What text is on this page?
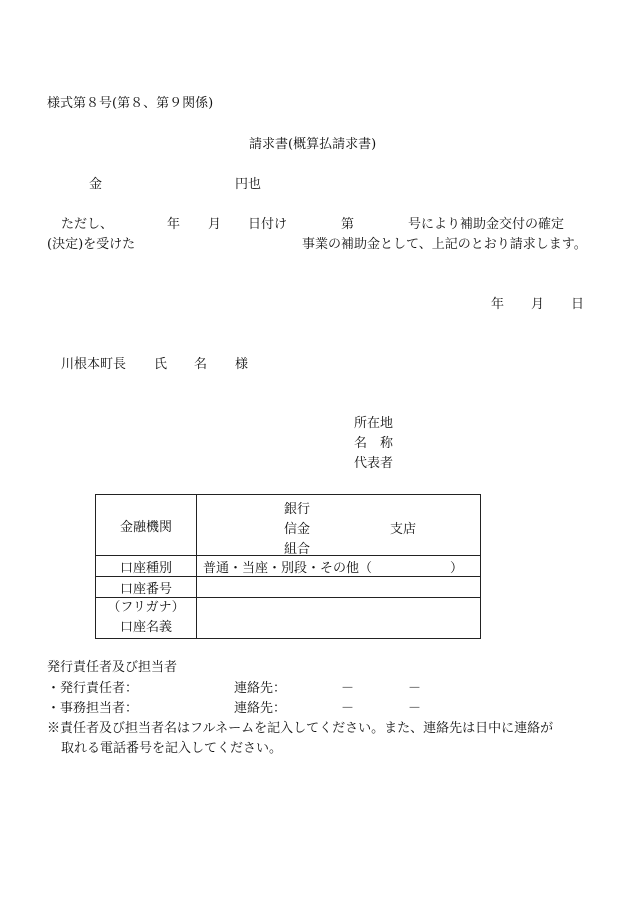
様式第８号(第８、第９関係)
請求書(概算払請求書)
金	円也
ただし、	年 月 日付け	第	号により補助金交付の確定
(決定)を受けた	事業の補助金として、上記のとおり請求します。
年 月 日
川根本町長 氏 名 様
所在地
名　称
代表者
金融機関	銀行
信金
組合
支店

口座種別	普通・当座・別段・その他（　　　　　　）
口座番号	

（フリガナ）
口座名義	

発行責任者及び担当者
・発行責任者：	連絡先：	－	－
・事務担当者：	連絡先：	－	－
※責任者及び担当者名はフルネームを記入してください。また、連絡先は日中に連絡が
取れる電話番号を記入してください。
